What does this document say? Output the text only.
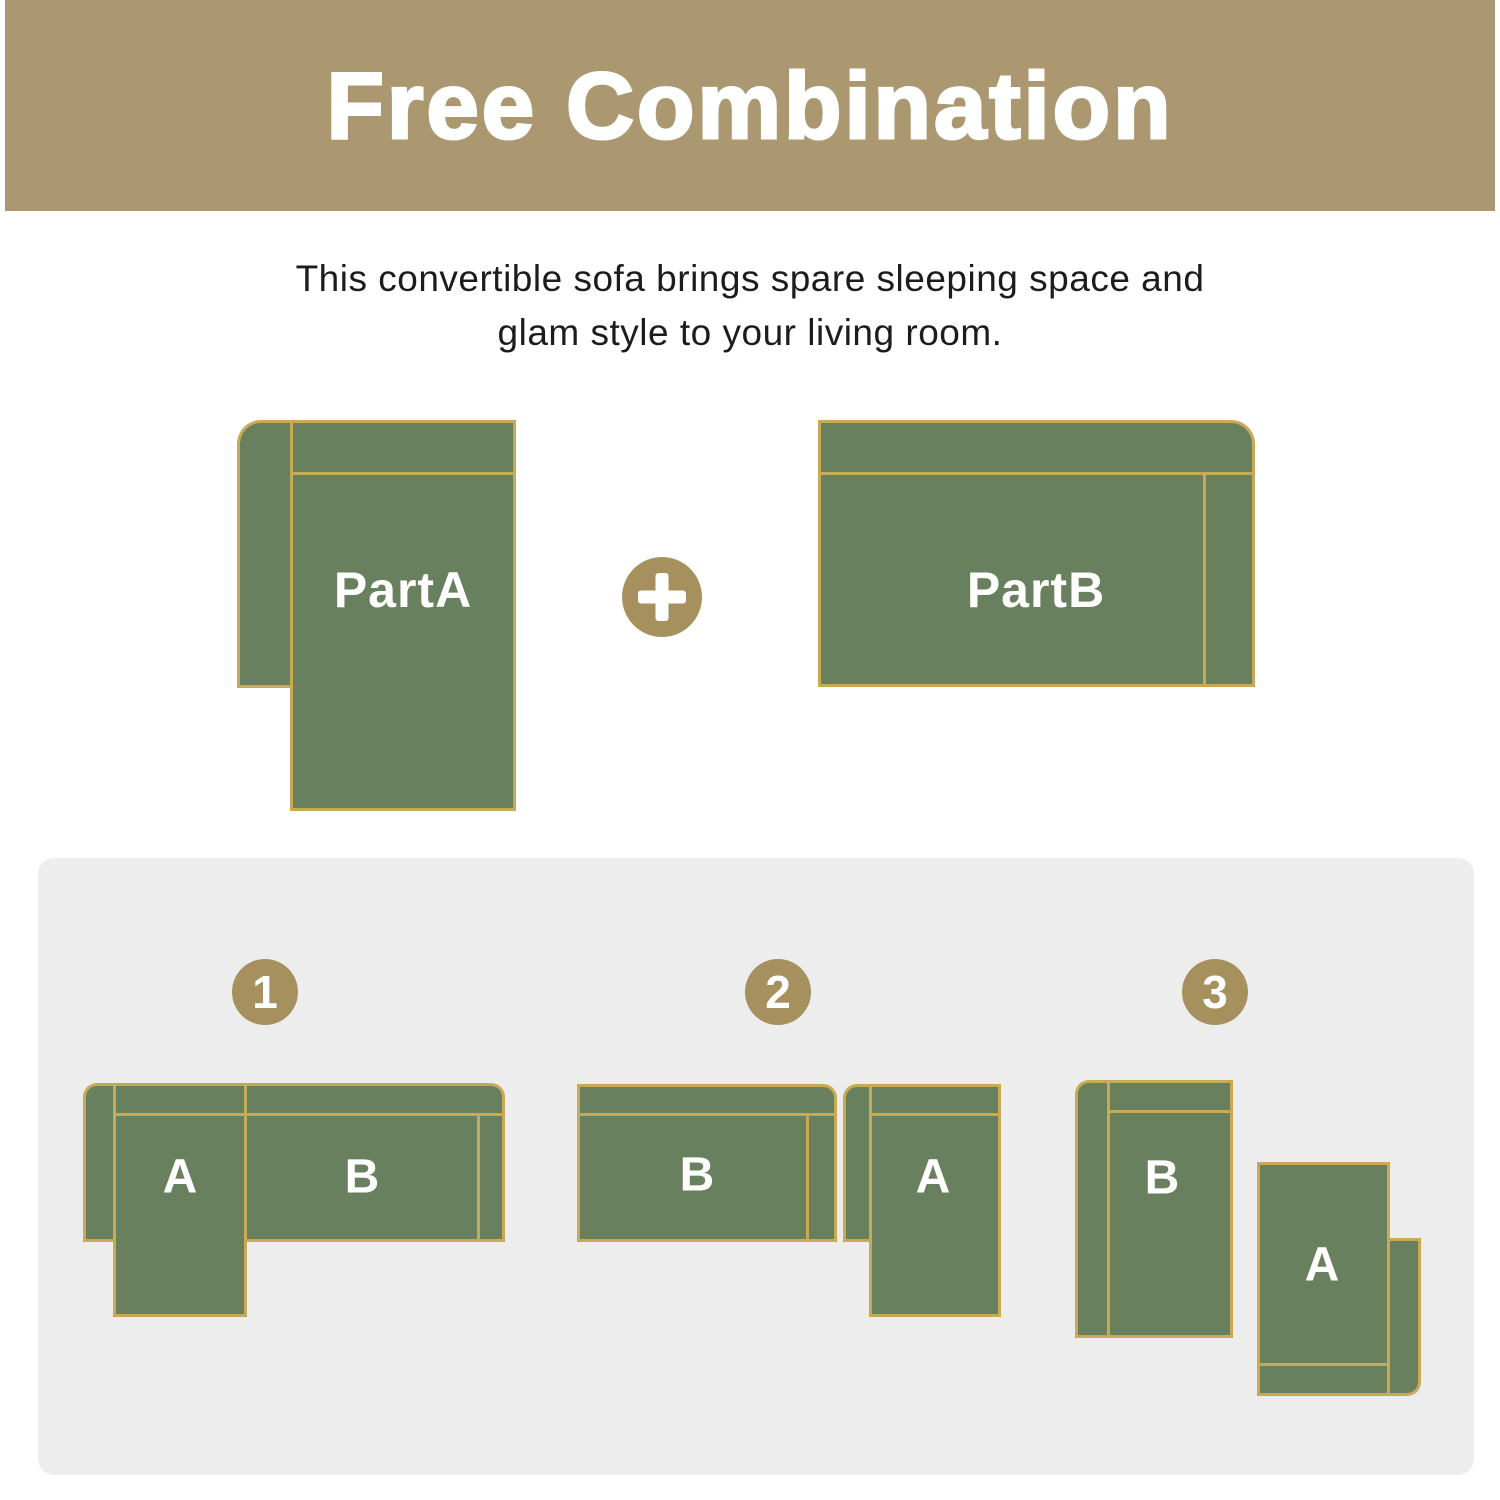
Free Combination
This convertible sofa brings spare sleeping space and
glam style to your living room.
PartA	PartB
1	2	3
A	B	B	A	B
A
